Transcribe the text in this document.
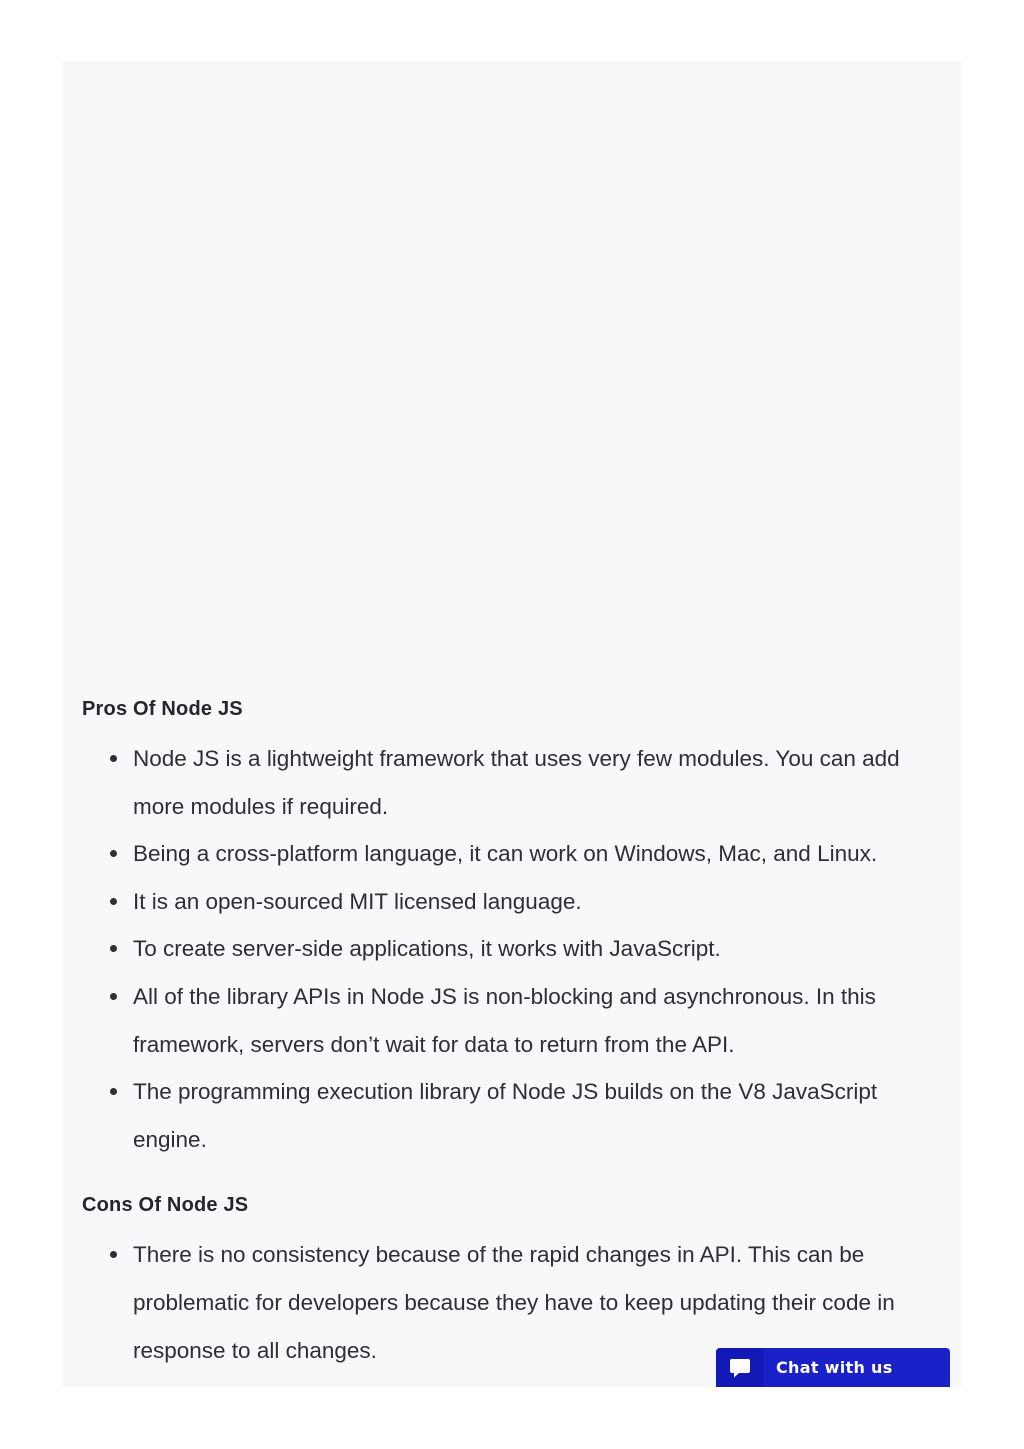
Pros Of Node JS
Node JS is a lightweight framework that uses very few modules. You can add more modules if required.
Being a cross-platform language, it can work on Windows, Mac, and Linux.
It is an open-sourced MIT licensed language.
To create server-side applications, it works with JavaScript.
All of the library APIs in Node JS is non-blocking and asynchronous. In this framework, servers don’t wait for data to return from the API.
The programming execution library of Node JS builds on the V8 JavaScript engine.
Cons Of Node JS
There is no consistency because of the rapid changes in API. This can be problematic for developers because they have to keep updating their code in response to all changes.
Chat with us
